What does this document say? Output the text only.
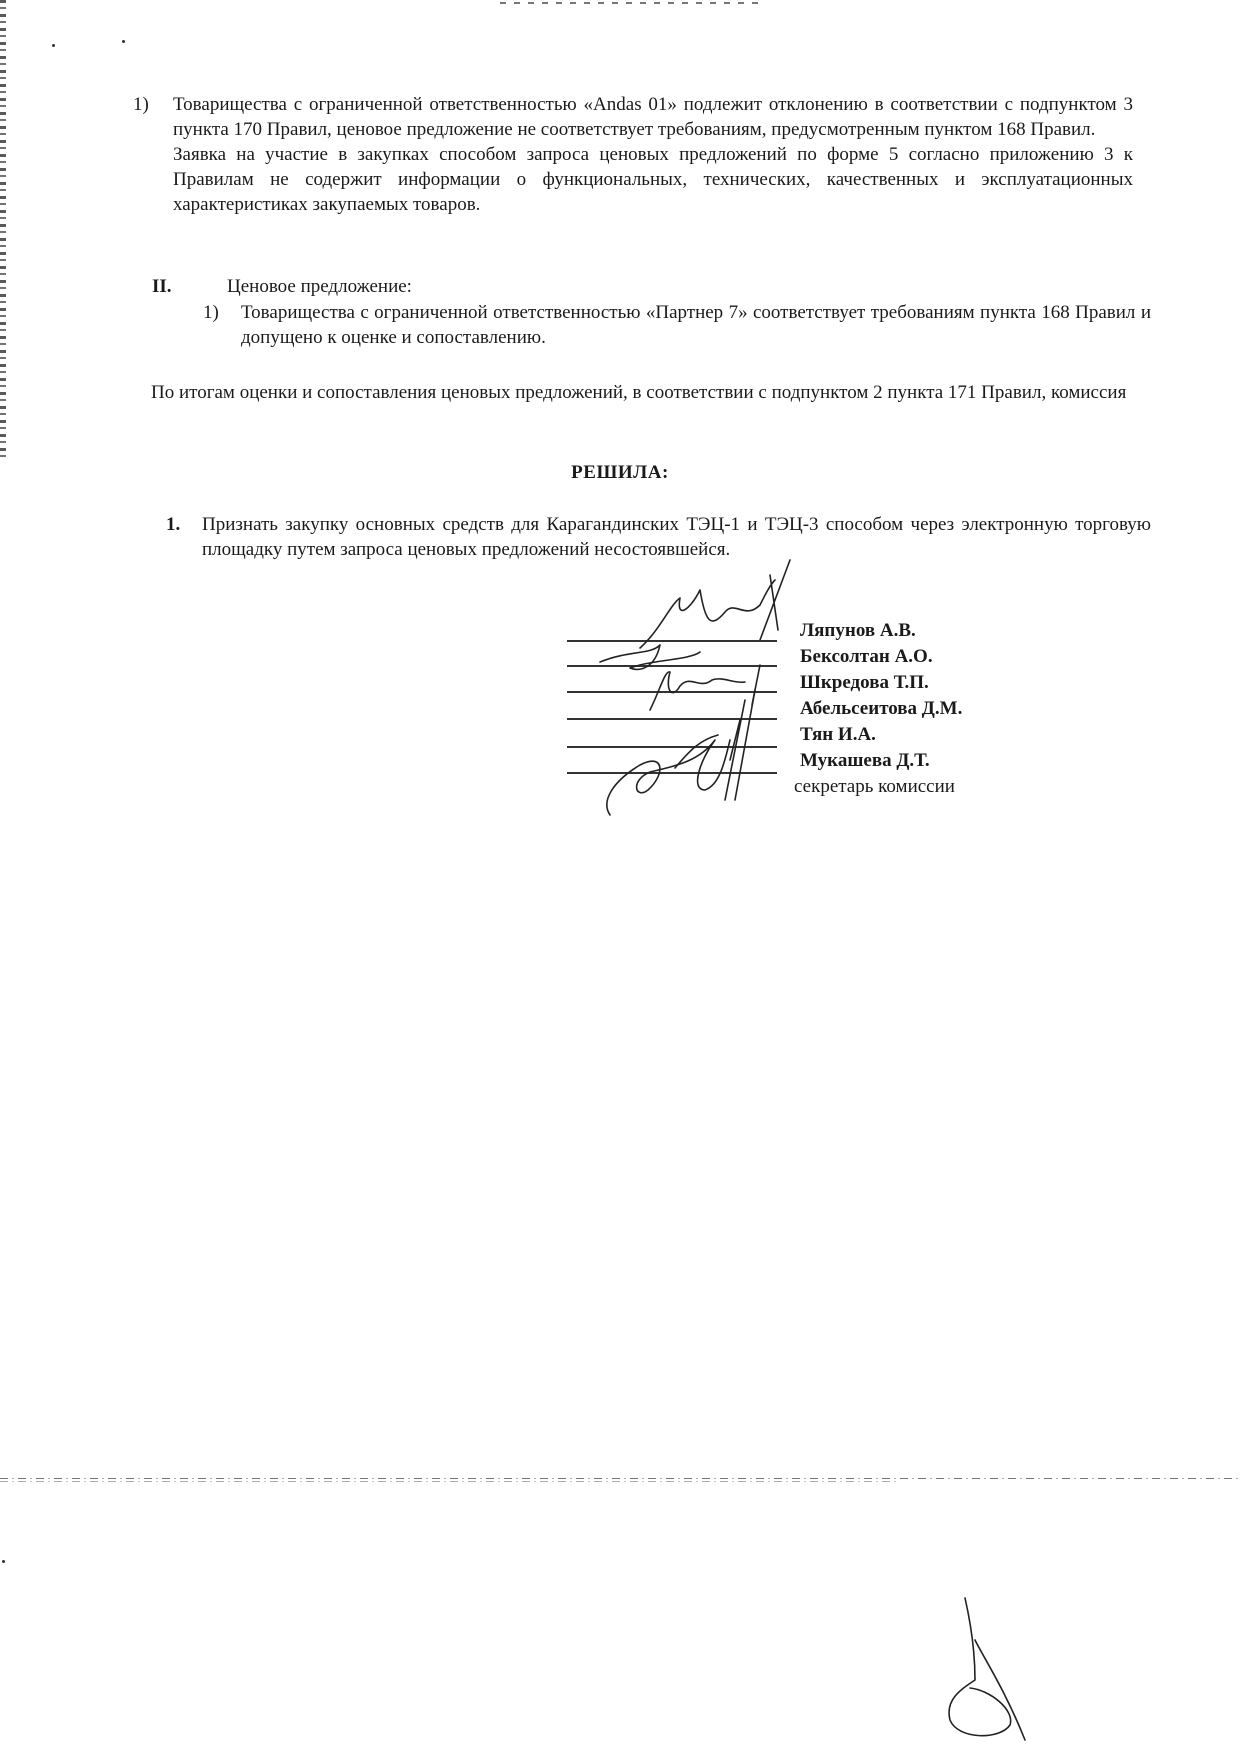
1) Товарищества с ограниченной ответственностью «Andas 01» подлежит отклонению в соответствии с подпунктом 3 пункта 170 Правил, ценовое предложение не соответствует требованиям, предусмотренным пунктом 168 Правил.

Заявка на участие в закупках способом запроса ценовых предложений по форме 5 согласно приложению 3 к Правилам не содержит информации о функциональных, технических, качественных и эксплуатационных характеристиках закупаемых товаров.

II.	Ценовое предложение:
1) Товарищества с ограниченной ответственностью «Партнер 7» соответствует требованиям пункта 168 Правил и допущено к оценке и сопоставлению.

По итогам оценки и сопоставления ценовых предложений, в соответствии с подпунктом 2 пункта 171 Правил, комиссия

РЕШИЛА:
1. Признать закупку основных средств для Карагандинских ТЭЦ-1 и ТЭЦ-3 способом через электронную торговую площадку путем запроса ценовых предложений несостоявшейся.

Ляпунов А.В.
Бексолтан А.О.
Шкредова Т.П.
Абельсеитова Д.М.
Тян И.А.
Мукашева Д.Т.
секретарь комиссии
